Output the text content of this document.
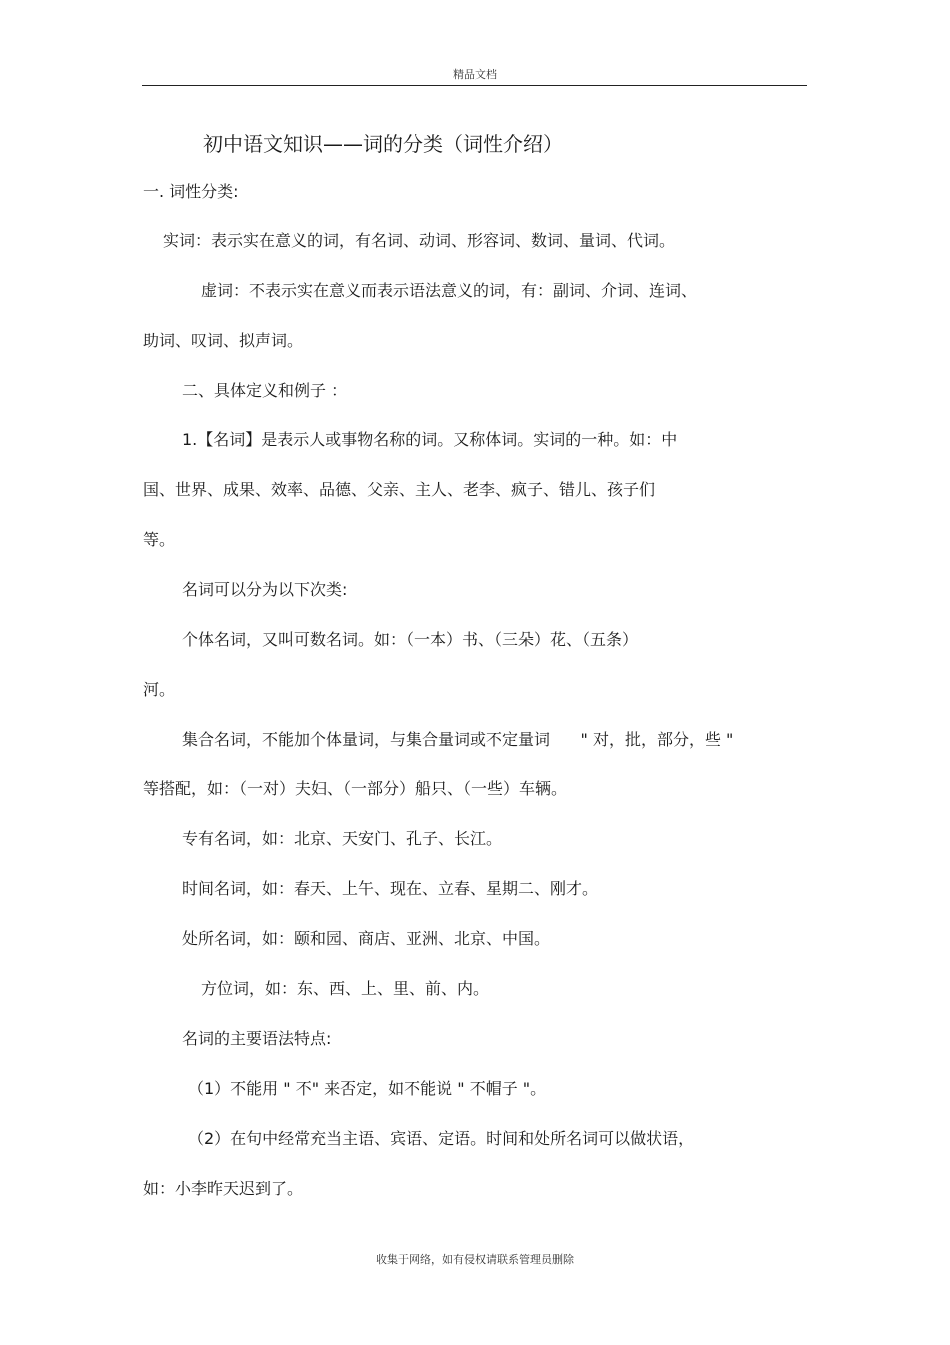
精品文档
初中语文知识——词的分类（词性介绍）
一. 词性分类:
实词：表示实在意义的词，有名词、动词、形容词、数词、量词、代词。
虚词：不表示实在意义而表示语法意义的词，有：副词、介词、连词、
助词、叹词、拟声词。
二、具体定义和例子 ：
1.【名词】是表示人或事物名称的词。又称体词。实词的一种。如：中
国、世界、成果、效率、品德、父亲、主人、老李、疯子、错儿、孩子们
等。
名词可以分为以下次类:
个体名词，又叫可数名词。如：（一本）书、（三朵）花、（五条）
河。
集合名词，不能加个体量词，与集合量词或不定量词      " 对，批，部分，些 "
等搭配，如：（一对）夫妇、（一部分）船只、（一些）车辆。
专有名词，如：北京、天安门、孔子、长江。
时间名词，如：春天、上午、现在、立春、星期二、刚才。
处所名词，如：颐和园、商店、亚洲、北京、中国。
方位词，如：东、西、上、里、前、内。
名词的主要语法特点:
（1）不能用 " 不" 来否定，如不能说 " 不帽子 "。
（2）在句中经常充当主语、宾语、定语。时间和处所名词可以做状语，
如：小李昨天迟到了。
收集于网络，如有侵权请联系管理员删除
